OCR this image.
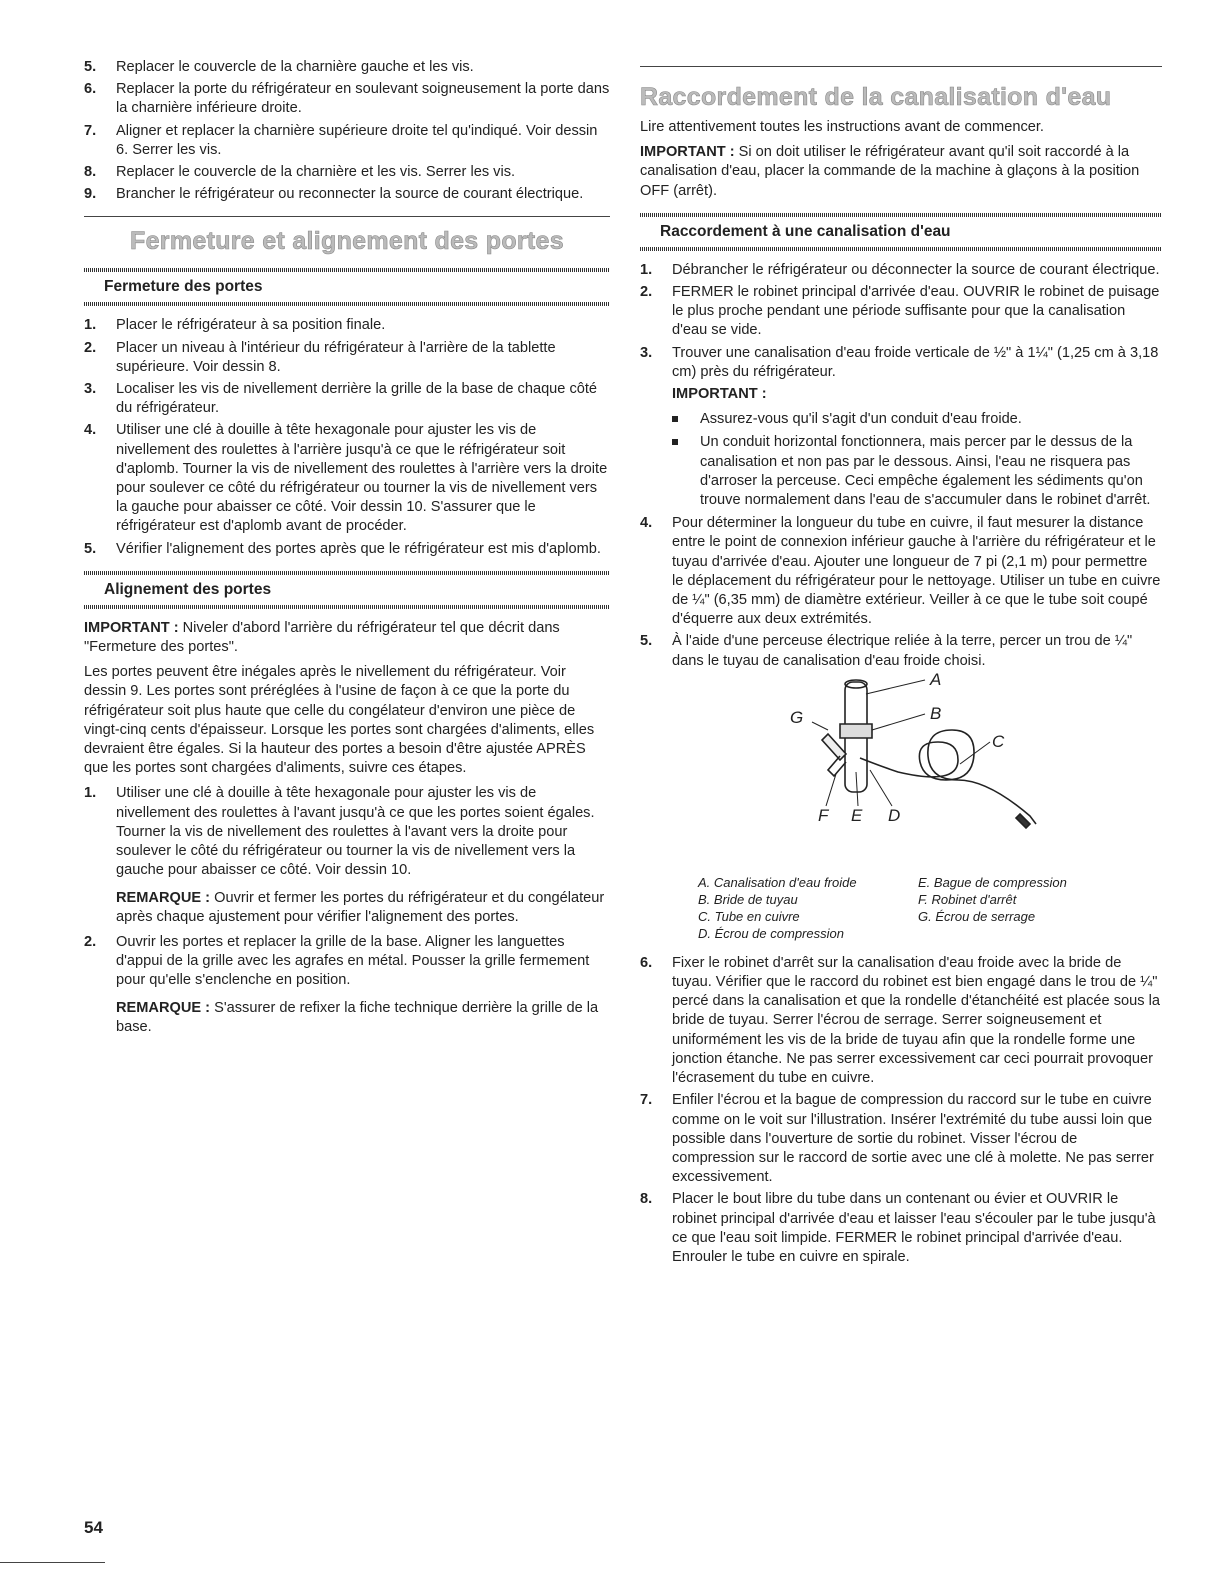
5. Replacer le couvercle de la charnière gauche et les vis.
6. Replacer la porte du réfrigérateur en soulevant soigneusement la porte dans la charnière inférieure droite.
7. Aligner et replacer la charnière supérieure droite tel qu'indiqué. Voir dessin 6. Serrer les vis.
8. Replacer le couvercle de la charnière et les vis. Serrer les vis.
9. Brancher le réfrigérateur ou reconnecter la source de courant électrique.
Fermeture et alignement des portes
Fermeture des portes
1. Placer le réfrigérateur à sa position finale.
2. Placer un niveau à l'intérieur du réfrigérateur à l'arrière de la tablette supérieure. Voir dessin 8.
3. Localiser les vis de nivellement derrière la grille de la base de chaque côté du réfrigérateur.
4. Utiliser une clé à douille à tête hexagonale pour ajuster les vis de nivellement des roulettes à l'arrière jusqu'à ce que le réfrigérateur soit d'aplomb. Tourner la vis de nivellement des roulettes à l'arrière vers la droite pour soulever ce côté du réfrigérateur ou tourner la vis de nivellement vers la gauche pour abaisser ce côté. Voir dessin 10. S'assurer que le réfrigérateur est d'aplomb avant de procéder.
5. Vérifier l'alignement des portes après que le réfrigérateur est mis d'aplomb.
Alignement des portes

IMPORTANT : Niveler d'abord l'arrière du réfrigérateur tel que décrit dans "Fermeture des portes".

Les portes peuvent être inégales après le nivellement du réfrigérateur. Voir dessin 9. Les portes sont préréglées à l'usine de façon à ce que la porte du réfrigérateur soit plus haute que celle du congélateur d'environ une pièce de vingt-cinq cents d'épaisseur. Lorsque les portes sont chargées d'aliments, elles devraient être égales. Si la hauteur des portes a besoin d'être ajustée APRÈS que les portes sont chargées d'aliments, suivre ces étapes.

1. Utiliser une clé à douille à tête hexagonale pour ajuster les vis de nivellement des roulettes à l'avant jusqu'à ce que les portes soient égales. Tourner la vis de nivellement des roulettes à l'avant vers la droite pour soulever le côté du réfrigérateur ou tourner la vis de nivellement vers la gauche pour abaisser ce côté. Voir dessin 10.

REMARQUE : Ouvrir et fermer les portes du réfrigérateur et du congélateur après chaque ajustement pour vérifier l'alignement des portes.

2. Ouvrir les portes et replacer la grille de la base. Aligner les languettes d'appui de la grille avec les agrafes en métal. Pousser la grille fermement pour qu'elle s'enclenche en position.

REMARQUE : S'assurer de refixer la fiche technique derrière la grille de la base.

Raccordement de la canalisation d'eau

Lire attentivement toutes les instructions avant de commencer.

IMPORTANT : Si on doit utiliser le réfrigérateur avant qu'il soit raccordé à la canalisation d'eau, placer la commande de la machine à glaçons à la position OFF (arrêt).

Raccordement à une canalisation d'eau
1. Débrancher le réfrigérateur ou déconnecter la source de courant électrique.
2. FERMER le robinet principal d'arrivée d'eau. OUVRIR le robinet de puisage le plus proche pendant une période suffisante pour que la canalisation d'eau se vide.
3. Trouver une canalisation d'eau froide verticale de ½" à 1¼" (1,25 cm à 3,18 cm) près du réfrigérateur.
IMPORTANT :
Assurez-vous qu'il s'agit d'un conduit d'eau froide.
Un conduit horizontal fonctionnera, mais percer par le dessus de la canalisation et non pas par le dessous. Ainsi, l'eau ne risquera pas d'arroser la perceuse. Ceci empêche également les sédiments qu'on trouve normalement dans l'eau de s'accumuler dans le robinet d'arrêt.
4. Pour déterminer la longueur du tube en cuivre, il faut mesurer la distance entre le point de connexion inférieur gauche à l'arrière du réfrigérateur et le tuyau d'arrivée d'eau. Ajouter une longueur de 7 pi (2,1 m) pour permettre le déplacement du réfrigérateur pour le nettoyage. Utiliser un tube en cuivre de ¼" (6,35 mm) de diamètre extérieur. Veiller à ce que le tube soit coupé d'équerre aux deux extrémités.
5. À l'aide d'une perceuse électrique reliée à la terre, percer un trou de ¼" dans le tuyau de canalisation d'eau froide choisi.
A
B
C
G
F E D
A. Canalisation d'eau froide	E. Bague de compression
B. Bride de tuyau	F. Robinet d'arrêt
C. Tube en cuivre	G. Écrou de serrage
D. Écrou de compression
6. Fixer le robinet d'arrêt sur la canalisation d'eau froide avec la bride de tuyau. Vérifier que le raccord du robinet est bien engagé dans le trou de ¼" percé dans la canalisation et que la rondelle d'étanchéité est placée sous la bride de tuyau. Serrer l'écrou de serrage. Serrer soigneusement et uniformément les vis de la bride de tuyau afin que la rondelle forme une jonction étanche. Ne pas serrer excessivement car ceci pourrait provoquer l'écrasement du tube en cuivre.
7. Enfiler l'écrou et la bague de compression du raccord sur le tube en cuivre comme on le voit sur l'illustration. Insérer l'extrémité du tube aussi loin que possible dans l'ouverture de sortie du robinet. Visser l'écrou de compression sur le raccord de sortie avec une clé à molette. Ne pas serrer excessivement.
8. Placer le bout libre du tube dans un contenant ou évier et OUVRIR le robinet principal d'arrivée d'eau et laisser l'eau s'écouler par le tube jusqu'à ce que l'eau soit limpide. FERMER le robinet principal d'arrivée d'eau. Enrouler le tube en cuivre en spirale.
54
